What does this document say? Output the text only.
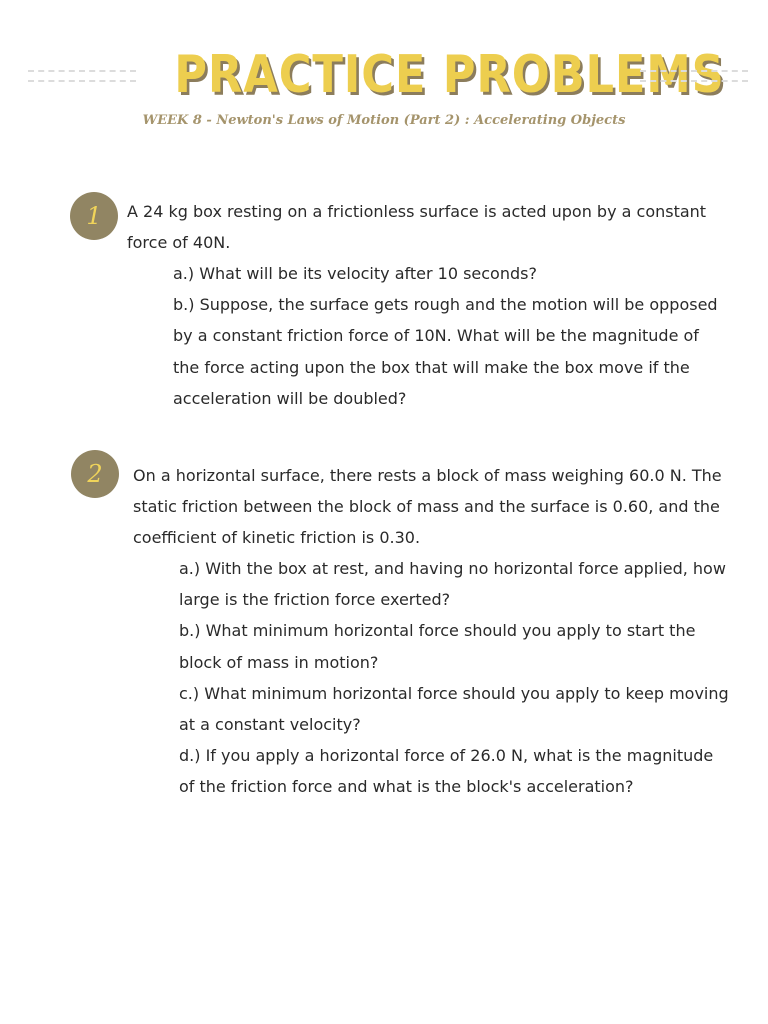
PRACTICE PROBLEMS
WEEK 8 - Newton's Laws of Motion (Part 2) : Accelerating Objects
1	A 24 kg box resting on a frictionless surface is acted upon by a constant
force of 40N.
a.) What will be its velocity after 10 seconds?
b.) Suppose, the surface gets rough and the motion will be opposed
by a constant friction force of 10N. What will be the magnitude of
the force acting upon the box that will make the box move if the
acceleration will be doubled?
2	On a horizontal surface, there rests a block of mass weighing 60.0 N. The
static friction between the block of mass and the surface is 0.60, and the
coefficient of kinetic friction is 0.30.
a.) With the box at rest, and having no horizontal force applied, how
large is the friction force exerted?
b.) What minimum horizontal force should you apply to start the
block of mass in motion?
c.) What minimum horizontal force should you apply to keep moving
at a constant velocity?
d.) If you apply a horizontal force of 26.0 N, what is the magnitude
of the friction force and what is the block's acceleration?
